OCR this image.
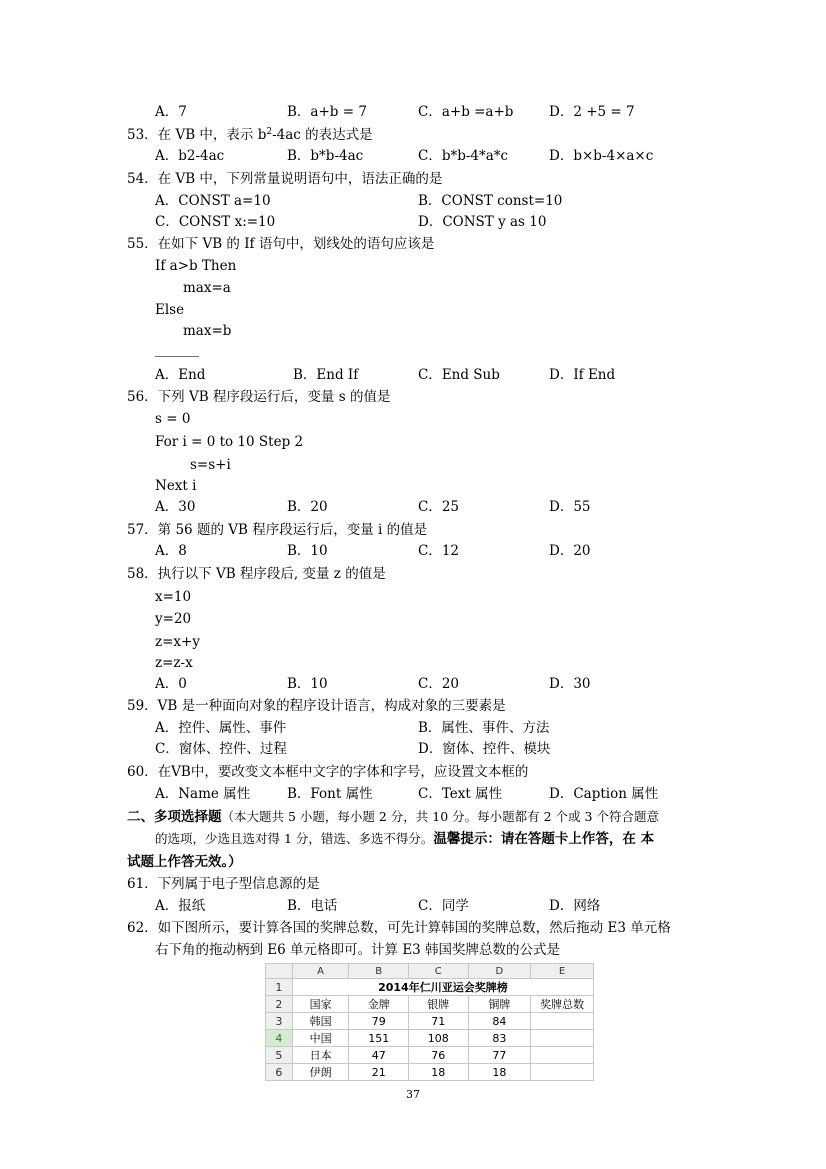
A．7	B．a+b = 7	C．a+b =a+b	D．2 +5 = 7
53．在 VB 中，表示 $b^2-4ac$ 的表达式是
A．b2-4ac	B．b*b-4ac	C．b*b-4*a*c	D．b×b-4×a×c
54．在 VB 中，下列常量说明语句中，语法正确的是
A．CONST a=10	B．CONST const=10
C．CONST x:=10	D．CONST y as 10
55．在如下 VB 的 If 语句中，划线处的语句应该是
If a>b Then
max=a
Else
max=b
A．End	B．End If	C．End Sub	D．If End
56．下列 VB 程序段运行后，变量 s 的值是
s = 0
For i = 0 to 10 Step 2
s=s+i
Next i
A．30	B．20	C．25	D．55
57．第 56 题的 VB 程序段运行后，变量 i 的值是
A．8	B．10	C．12	D．20
58．执行以下 VB 程序段后, 变量 z 的值是
x=10
y=20
z=x+y
z=z-x
A．0	B．10	C．20	D．30
59．VB 是一种面向对象的程序设计语言，构成对象的三要素是
A．控件、属性、事件	B．属性、事件、方法
C．窗体、控件、过程	D．窗体、控件、模块
60．在VB中，要改变文本框中文字的字体和字号，应设置文本框的
A．Name 属性	B．Font 属性	C．Text 属性	D．Caption 属性
二、多项选择题（本大题共 5 小题，每小题 2 分，共 10 分。每小题都有 2 个或 3 个符合题意
的选项，少选且选对得 1 分，错选、多选不得分。温馨提示：请在答题卡上作答，在 本
试题上作答无效。）
61．下列属于电子型信息源的是
A．报纸	B．电话	C．同学	D．网络
62．如下图所示，要计算各国的奖牌总数，可先计算韩国的奖牌总数，然后拖动 E3 单元格
右下角的拖动柄到 E6 单元格即可。计算 E3 韩国奖牌总数的公式是
	A	B	C	D	E
1	2014年仁川亚运会奖牌榜				
2	国家	金牌	银牌	铜牌	奖牌总数
3	韩国	79	71	84	
4	中国	151	108	83	
5	日本	47	76	77	
6	伊朗	21	18	18	
37
